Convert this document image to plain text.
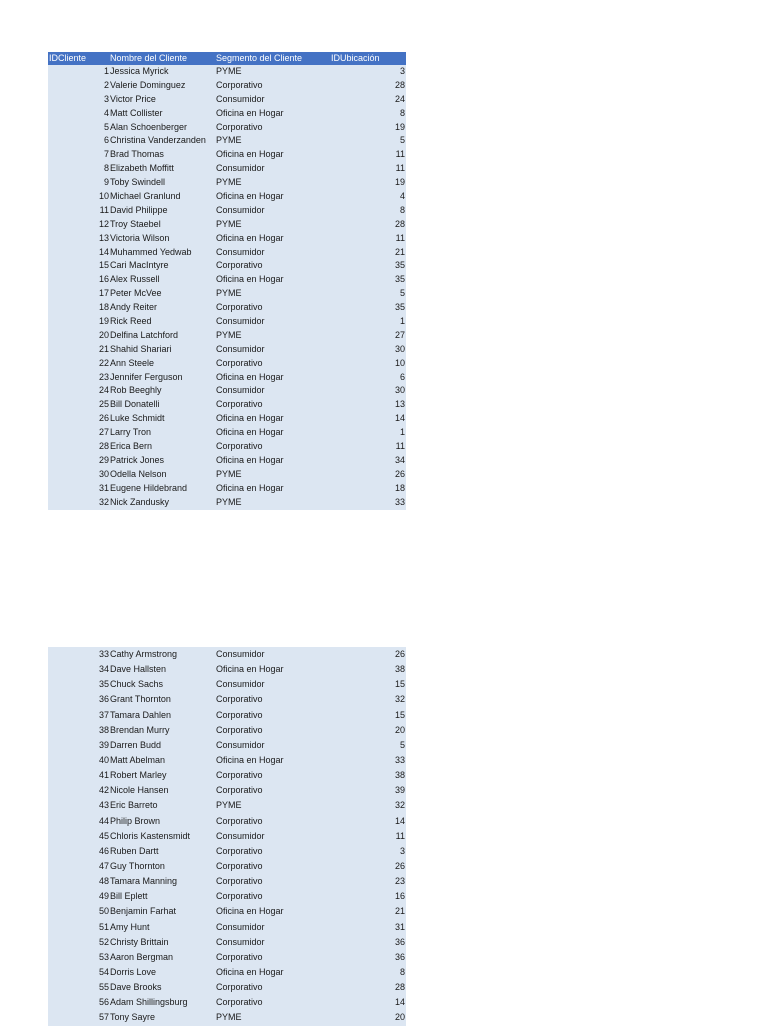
IDCliente	Nombre del Cliente	Segmento del Cliente	IDUbicación
1 Jessica Myrick	PYME	3
2 Valerie Dominguez	Corporativo	28
3 Victor Price	Consumidor	24
4 Matt Collister	Oficina en Hogar	8
5 Alan Schoenberger	Corporativo	19
6 Christina Vanderzanden	PYME	5
7 Brad Thomas	Oficina en Hogar	11
8 Elizabeth Moffitt	Consumidor	11
9 Toby Swindell	PYME	19
10 Michael Granlund	Oficina en Hogar	4
11 David Philippe	Consumidor	8
12 Troy Staebel	PYME	28
13 Victoria Wilson	Oficina en Hogar	11
14 Muhammed Yedwab	Consumidor	21
15 Cari MacIntyre	Corporativo	35
16 Alex Russell	Oficina en Hogar	35
17 Peter McVee	PYME	5
18 Andy Reiter	Corporativo	35
19 Rick Reed	Consumidor	1
20 Delfina Latchford	PYME	27
21 Shahid Shariari	Consumidor	30
22 Ann Steele	Corporativo	10
23 Jennifer Ferguson	Oficina en Hogar	6
24 Rob Beeghly	Consumidor	30
25 Bill Donatelli	Corporativo	13
26 Luke Schmidt	Oficina en Hogar	14
27 Larry Tron	Oficina en Hogar	1
28 Erica Bern	Corporativo	11
29 Patrick Jones	Oficina en Hogar	34
30 Odella Nelson	PYME	26
31 Eugene Hildebrand	Oficina en Hogar	18
32 Nick Zandusky	PYME	33
33 Cathy Armstrong	Consumidor	26
34 Dave Hallsten	Oficina en Hogar	38
35 Chuck Sachs	Consumidor	15
36 Grant Thornton	Corporativo	32
37 Tamara Dahlen	Corporativo	15
38 Brendan Murry	Corporativo	20
39 Darren Budd	Consumidor	5
40 Matt Abelman	Oficina en Hogar	33
41 Robert Marley	Corporativo	38
42 Nicole Hansen	Corporativo	39
43 Eric Barreto	PYME	32
44 Philip Brown	Corporativo	14
45 Chloris Kastensmidt	Consumidor	11
46 Ruben Dartt	Corporativo	3
47 Guy Thornton	Corporativo	26
48 Tamara Manning	Corporativo	23
49 Bill Eplett	Corporativo	16
50 Benjamin Farhat	Oficina en Hogar	21
51 Amy Hunt	Consumidor	31
52 Christy Brittain	Consumidor	36
53 Aaron Bergman	Corporativo	36
54 Dorris Love	Oficina en Hogar	8
55 Dave Brooks	Corporativo	28
56 Adam Shillingsburg	Corporativo	14
57 Tony Sayre	PYME	20
